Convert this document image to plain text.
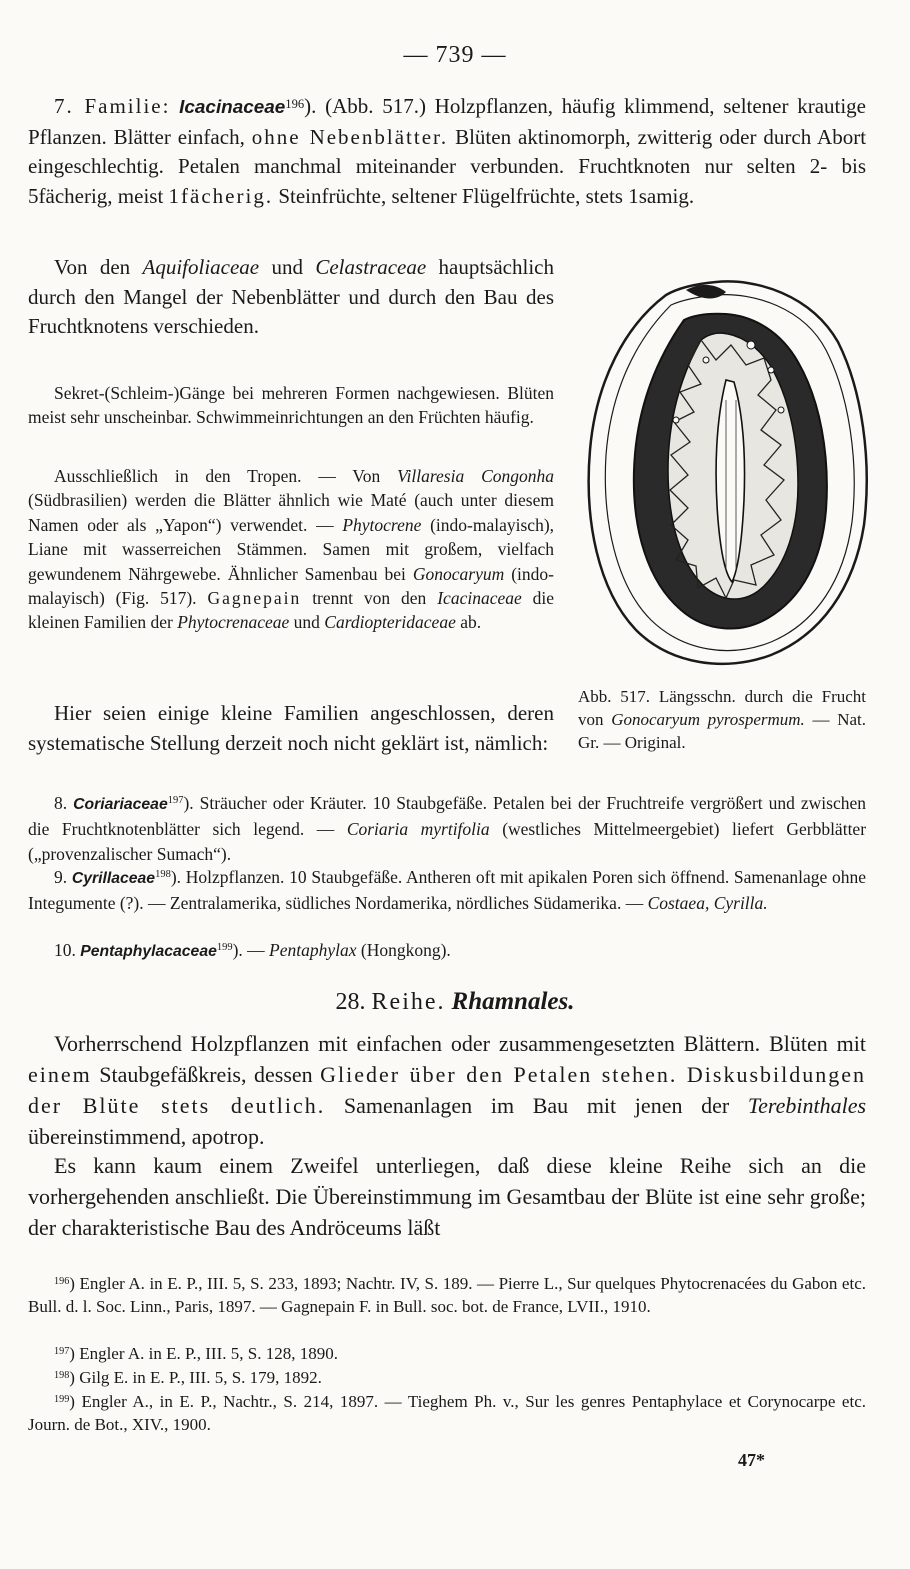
— 739 —
7. Familie: Icacinaceae$^{196}$). (Abb. 517.) Holzpflanzen, häufig klimmend, seltener krautige Pflanzen. Blätter einfach, ohne Nebenblätter. Blüten aktinomorph, zwitterig oder durch Abort eingeschlechtig. Petalen manchmal miteinander verbunden. Fruchtknoten nur selten 2- bis 5fächerig, meist 1fächerig. Steinfrüchte, seltener Flügelfrüchte, stets 1samig.
Von den Aquifoliaceae und Celastraceae hauptsächlich durch den Mangel der Nebenblätter und durch den Bau des Fruchtknotens verschieden.
Sekret-(Schleim-)Gänge bei mehreren Formen nachgewiesen. Blüten meist sehr unscheinbar. Schwimmeinrichtungen an den Früchten häufig.
Ausschließlich in den Tropen. — Von Villaresia Congonha (Südbrasilien) werden die Blätter ähnlich wie Maté (auch unter diesem Namen oder als „Yapon“) verwendet. — Phytocrene (indo-malayisch), Liane mit wasserreichen Stämmen. Samen mit großem, vielfach gewundenem Nährgewebe. Ähnlicher Samenbau bei Gonocaryum (indo-malayisch) (Fig. 517). Gagnepain trennt von den Icacinaceae die kleinen Familien der Phytocrenaceae und Cardiopteridaceae ab.
Hier seien einige kleine Familien angeschlossen, deren systematische Stellung derzeit noch nicht geklärt ist, nämlich:
Abb. 517. Längsschn. durch die Frucht von Gonocaryum pyrospermum. — Nat. Gr. — Original.
8. Coriariaceae$^{197}$). Sträucher oder Kräuter. 10 Staubgefäße. Petalen bei der Fruchtreife vergrößert und zwischen die Fruchtknotenblätter sich legend. — Coriaria myrtifolia (westliches Mittelmeergebiet) liefert Gerbblätter („provenzalischer Sumach“).
9. Cyrillaceae$^{198}$). Holzpflanzen. 10 Staubgefäße. Antheren oft mit apikalen Poren sich öffnend. Samenanlage ohne Integumente (?). — Zentralamerika, südliches Nordamerika, nördliches Südamerika. — Costaea, Cyrilla.
10. Pentaphylacaceae$^{199}$). — Pentaphylax (Hongkong).
28. Reihe. Rhamnales.
Vorherrschend Holzpflanzen mit einfachen oder zusammengesetzten Blättern. Blüten mit einem Staubgefäßkreis, dessen Glieder über den Petalen stehen. Diskusbildungen der Blüte stets deutlich. Samenanlagen im Bau mit jenen der Terebinthales übereinstimmend, apotrop.
Es kann kaum einem Zweifel unterliegen, daß diese kleine Reihe sich an die vorhergehenden anschließt. Die Übereinstimmung im Gesamtbau der Blüte ist eine sehr große; der charakteristische Bau des Andröceums läßt
$^{196}$) Engler A. in E. P., III. 5, S. 233, 1893; Nachtr. IV, S. 189. — Pierre L., Sur quelques Phytocrenacées du Gabon etc. Bull. d. l. Soc. Linn., Paris, 1897. — Gagnepain F. in Bull. soc. bot. de France, LVII., 1910.
$^{197}$) Engler A. in E. P., III. 5, S. 128, 1890.
$^{198}$) Gilg E. in E. P., III. 5, S. 179, 1892.
$^{199}$) Engler A., in E. P., Nachtr., S. 214, 1897. — Tieghem Ph. v., Sur les genres Pentaphylace et Corynocarpe etc. Journ. de Bot., XIV., 1900.
47*
